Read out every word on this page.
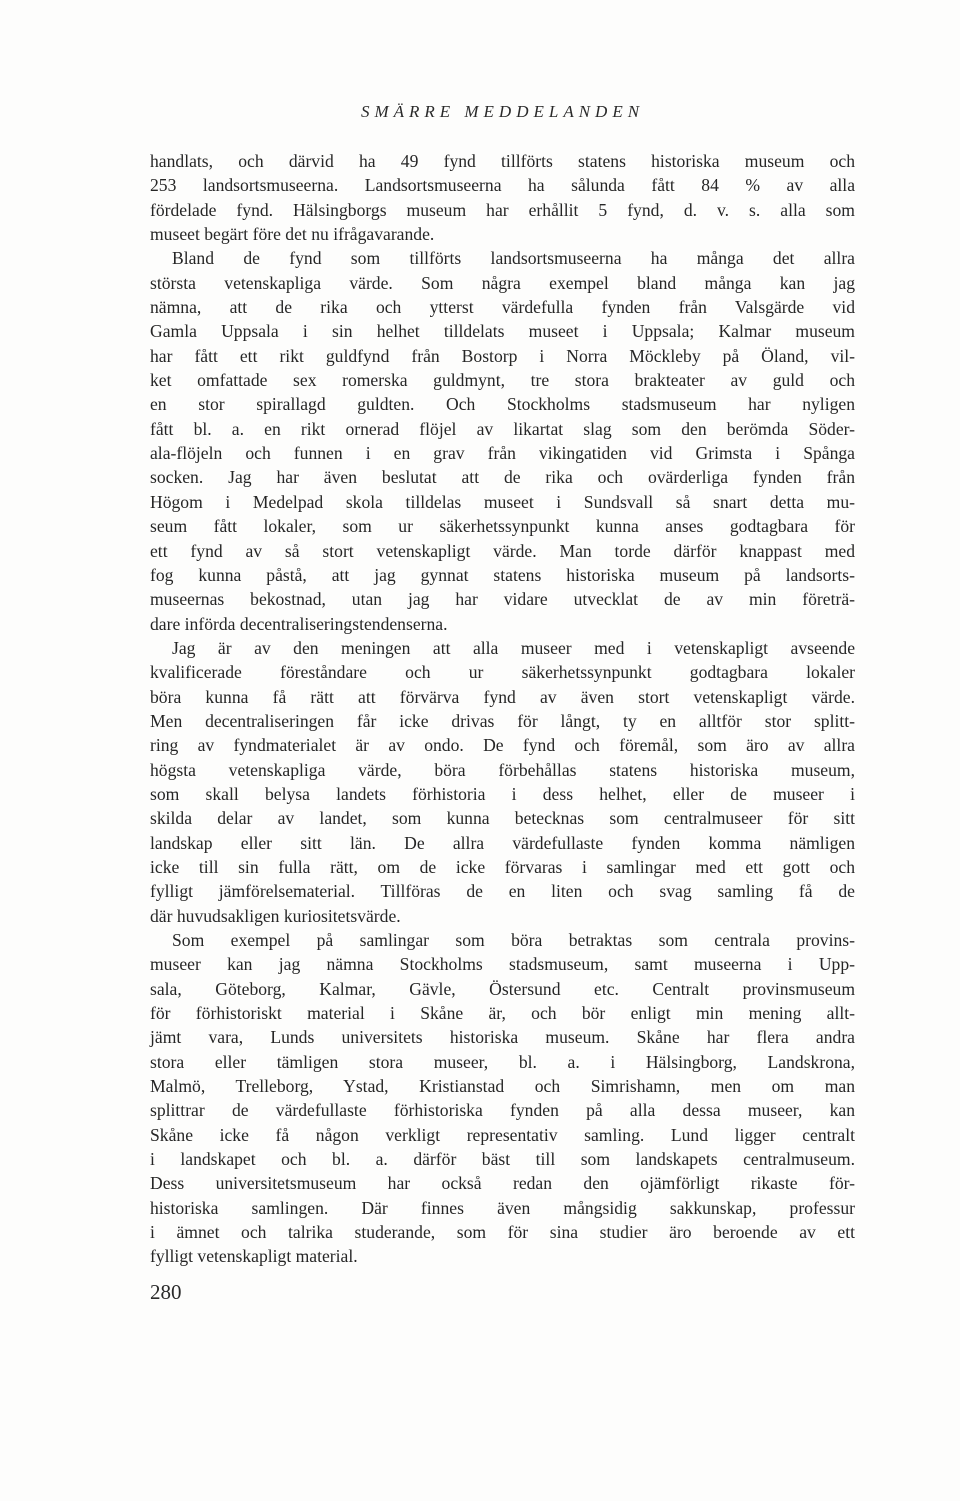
SMÄRRE MEDDELANDEN
handlats, och därvid ha 49 fynd tillförts statens historiska museum och
253 landsortsmuseerna. Landsortsmuseerna ha sålunda fått 84 % av alla
fördelade fynd. Hälsingborgs museum har erhållit 5 fynd, d. v. s. alla som
museet begärt före det nu ifrågavarande.
Bland de fynd som tillförts landsortsmuseerna ha många det allra
största vetenskapliga värde. Som några exempel bland många kan jag
nämna, att de rika och ytterst värdefulla fynden från Valsgärde vid
Gamla Uppsala i sin helhet tilldelats museet i Uppsala; Kalmar museum
har fått ett rikt guldfynd från Bostorp i Norra Möckleby på Öland, vil-
ket omfattade sex romerska guldmynt, tre stora brakteater av guld och
en stor spirallagd guldten. Och Stockholms stadsmuseum har nyligen
fått bl. a. en rikt ornerad flöjel av likartat slag som den berömda Söder-
ala-flöjeln och funnen i en grav från vikingatiden vid Grimsta i Spånga
socken. Jag har även beslutat att de rika och ovärderliga fynden från
Högom i Medelpad skola tilldelas museet i Sundsvall så snart detta mu-
seum fått lokaler, som ur säkerhetssynpunkt kunna anses godtagbara för
ett fynd av så stort vetenskapligt värde. Man torde därför knappast med
fog kunna påstå, att jag gynnat statens historiska museum på landsorts-
museernas bekostnad, utan jag har vidare utvecklat de av min företrä-
dare införda decentraliseringstendenserna.
Jag är av den meningen att alla museer med i vetenskapligt avseende
kvalificerade föreståndare och ur säkerhetssynpunkt godtagbara lokaler
böra kunna få rätt att förvärva fynd av även stort vetenskapligt värde.
Men decentraliseringen får icke drivas för långt, ty en alltför stor splitt-
ring av fyndmaterialet är av ondo. De fynd och föremål, som äro av allra
högsta vetenskapliga värde, böra förbehållas statens historiska museum,
som skall belysa landets förhistoria i dess helhet, eller de museer i
skilda delar av landet, som kunna betecknas som centralmuseer för sitt
landskap eller sitt län. De allra värdefullaste fynden komma nämligen
icke till sin fulla rätt, om de icke förvaras i samlingar med ett gott och
fylligt jämförelsematerial. Tillföras de en liten och svag samling få de
där huvudsakligen kuriositetsvärde.
Som exempel på samlingar som böra betraktas som centrala provins-
museer kan jag nämna Stockholms stadsmuseum, samt museerna i Upp-
sala, Göteborg, Kalmar, Gävle, Östersund etc. Centralt provinsmuseum
för förhistoriskt material i Skåne är, och bör enligt min mening allt-
jämt vara, Lunds universitets historiska museum. Skåne har flera andra
stora eller tämligen stora museer, bl. a. i Hälsingborg, Landskrona,
Malmö, Trelleborg, Ystad, Kristianstad och Simrishamn, men om man
splittrar de värdefullaste förhistoriska fynden på alla dessa museer, kan
Skåne icke få någon verkligt representativ samling. Lund ligger centralt
i landskapet och bl. a. därför bäst till som landskapets centralmuseum.
Dess universitetsmuseum har också redan den ojämförligt rikaste för-
historiska samlingen. Där finnes även mångsidig sakkunskap, professur
i ämnet och talrika studerande, som för sina studier äro beroende av ett
fylligt vetenskapligt material.
280
